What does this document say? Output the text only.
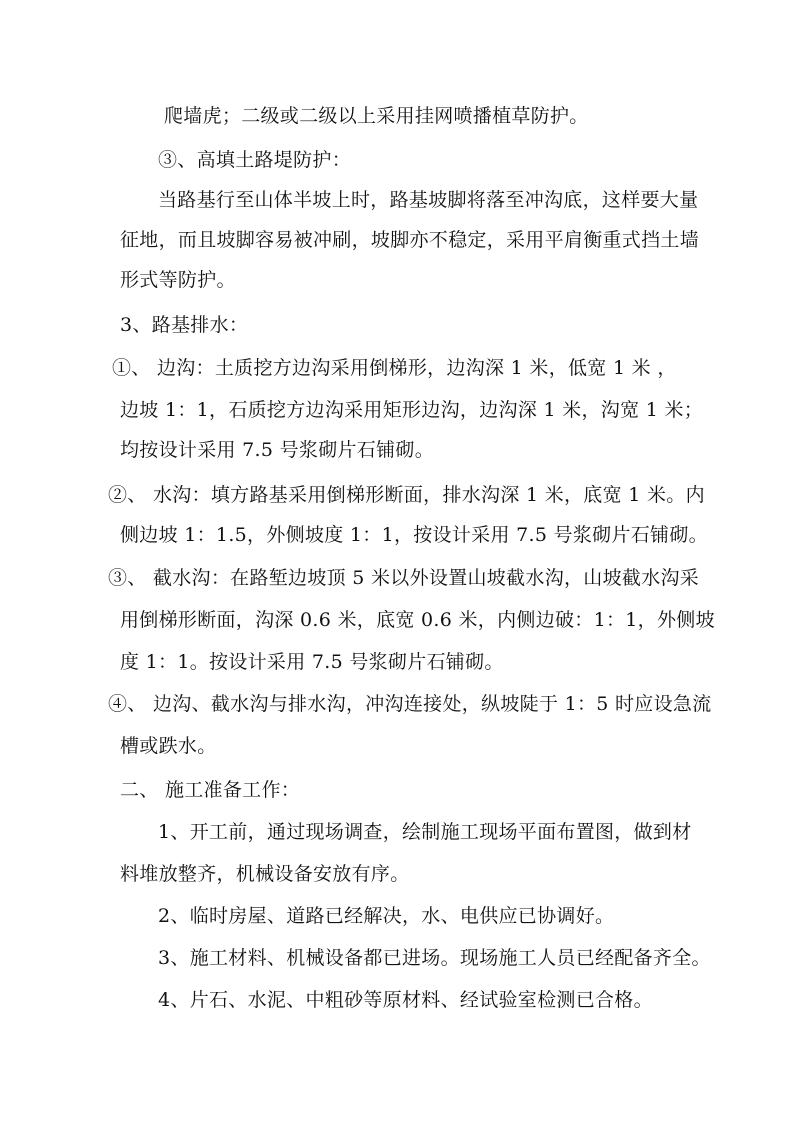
爬墙虎；二级或二级以上采用挂网喷播植草防护。
③、高填土路堤防护：
当路基行至山体半坡上时，路基坡脚将落至冲沟底，这样要大量
征地，而且坡脚容易被冲刷，坡脚亦不稳定，采用平肩衡重式挡土墙
形式等防护。
3、路基排水：
①、 边沟：土质挖方边沟采用倒梯形，边沟深 1 米，低宽 1 米 ，
边坡 1：1，石质挖方边沟采用矩形边沟，边沟深 1 米，沟宽 1 米；
均按设计采用 7.5 号浆砌片石铺砌。
②、 水沟：填方路基采用倒梯形断面，排水沟深 1 米，底宽 1 米。内
侧边坡 1：1.5，外侧坡度 1：1，按设计采用 7.5 号浆砌片石铺砌。
③、 截水沟：在路堑边坡顶 5 米以外设置山坡截水沟，山坡截水沟采
用倒梯形断面，沟深 0.6 米，底宽 0.6 米，内侧边破：1：1，外侧坡
度 1：1。按设计采用 7.5 号浆砌片石铺砌。
④、 边沟、截水沟与排水沟，冲沟连接处，纵坡陡于 1：5 时应设急流
槽或跌水。
二、 施工准备工作：
1、开工前，通过现场调查，绘制施工现场平面布置图，做到材
料堆放整齐，机械设备安放有序。
2、临时房屋、道路已经解决，水、电供应已协调好。
3、施工材料、机械设备都已进场。现场施工人员已经配备齐全。
4、片石、水泥、中粗砂等原材料、经试验室检测已合格。
